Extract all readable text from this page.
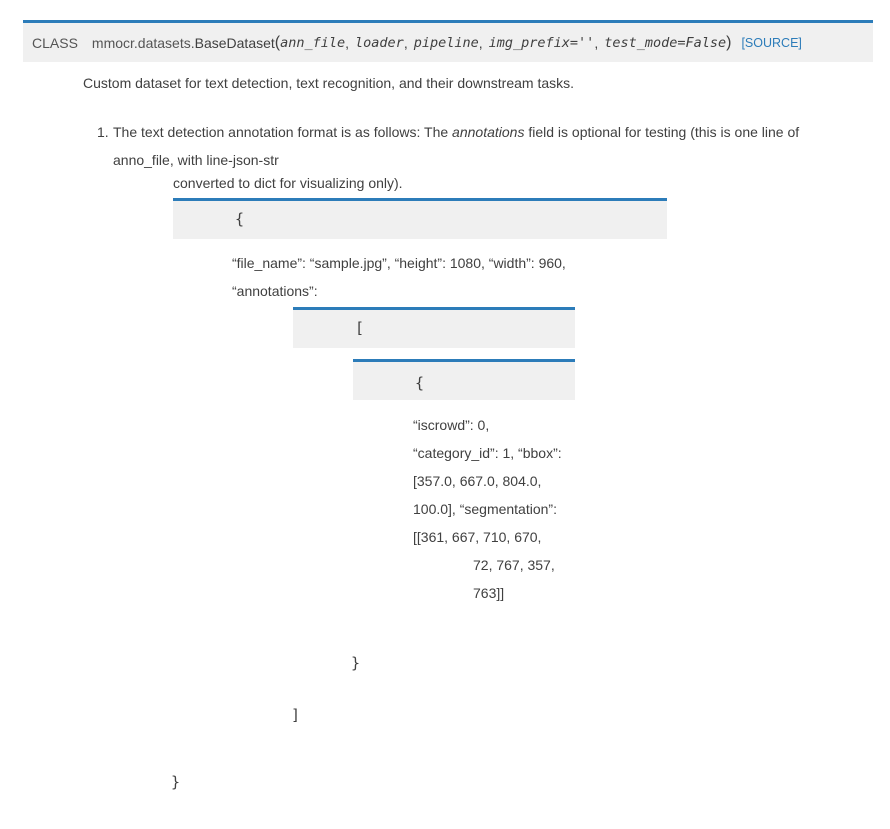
CLASS mmocr.datasets. BaseDataset ( ann_file , loader , pipeline , img_prefix='' , test_mode=False ) [SOURCE]
Custom dataset for text detection, text recognition, and their downstream tasks.
1. The text detection annotation format is as follows: The annotations field is optional for testing (this is one line of
anno_file, with line-json-str
converted to dict for visualizing only).
{
“file_name”: “sample.jpg”, “height”: 1080, “width”: 960,
“annotations”:
[
{
“iscrowd”: 0,
“category_id”: 1, “bbox”:
[357.0, 667.0, 804.0,
100.0], “segmentation”:
[[361, 667, 710, 670,
72, 767, 357,
763]]
}
]
}
